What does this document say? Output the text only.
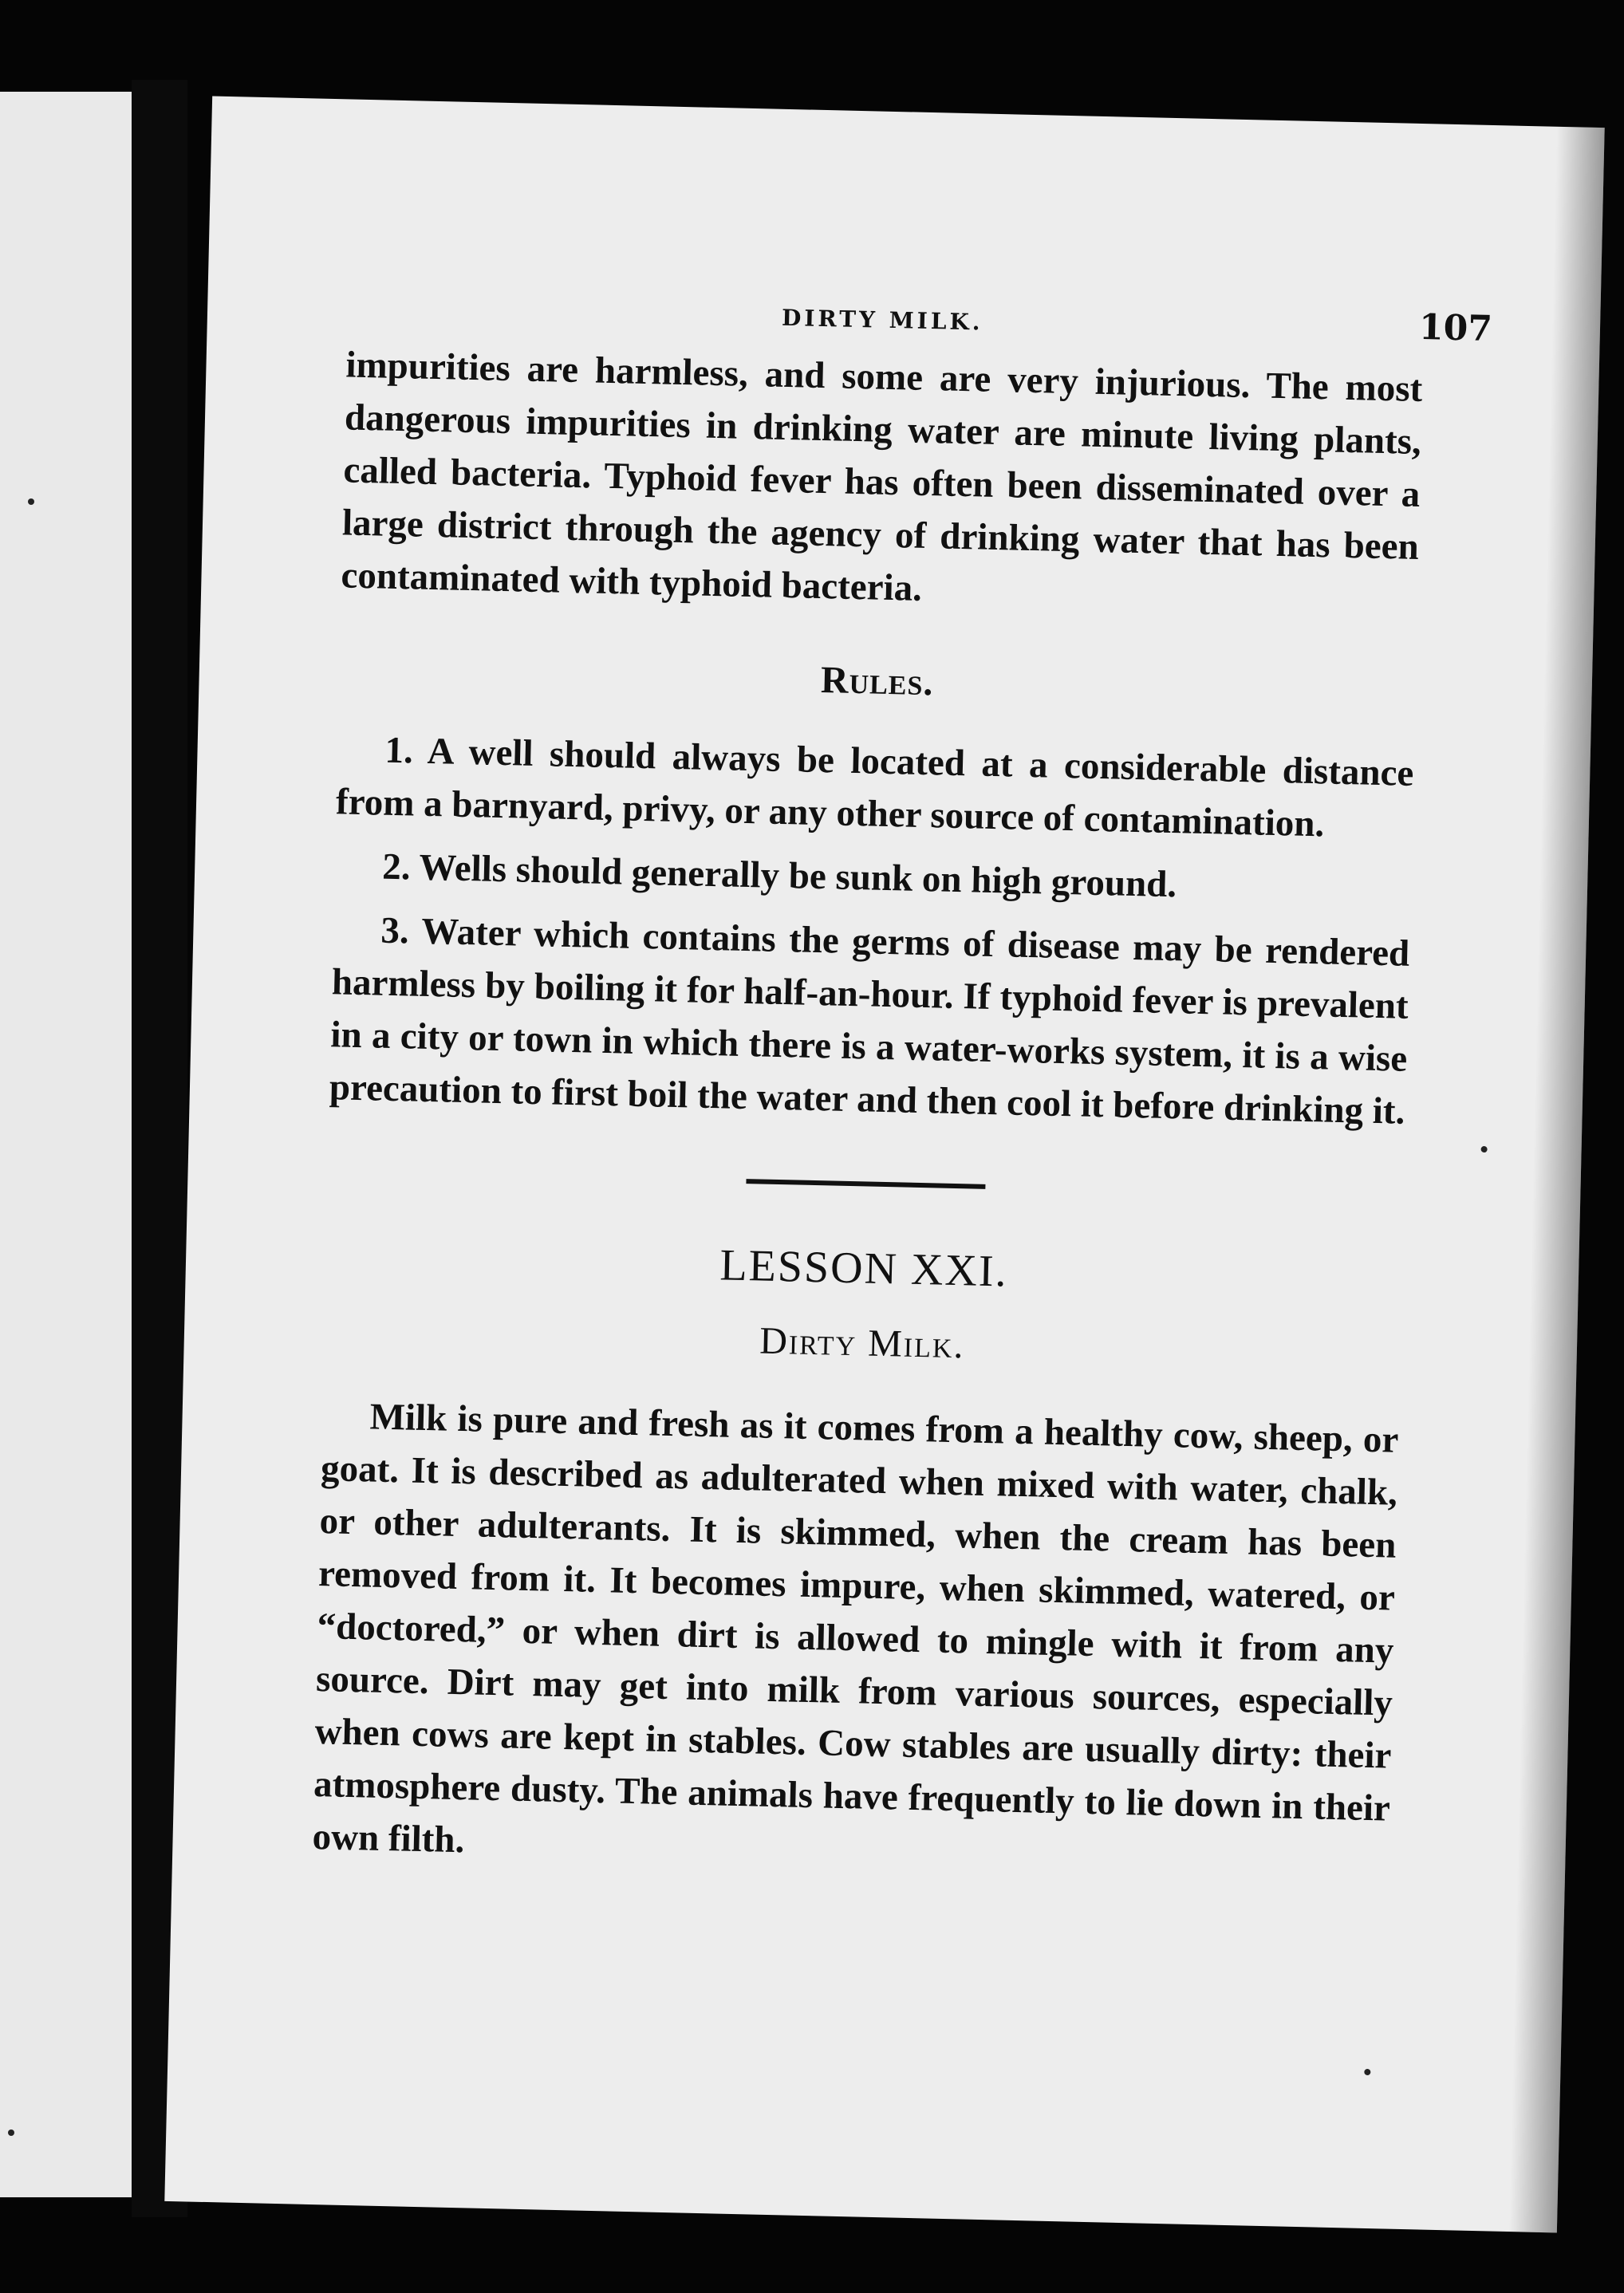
DIRTY MILK.	107

impurities are harmless, and some are very injurious. The most dangerous impurities in drinking water are minute living plants, called bacteria. Typhoid fever has often been disseminated over a large district through the agency of drinking water that has been contaminated with typhoid bacteria.

Rules.

1. A well should always be located at a considerable distance from a barnyard, privy, or any other source of contamination.

2. Wells should generally be sunk on high ground.

3. Water which contains the germs of disease may be rendered harmless by boiling it for half-an-hour. If typhoid fever is prevalent in a city or town in which there is a water-works system, it is a wise precaution to first boil the water and then cool it before drinking it.

LESSON XXI.
Dirty Milk.

Milk is pure and fresh as it comes from a healthy cow, sheep, or goat. It is described as adulterated when mixed with water, chalk, or other adulterants. It is skimmed, when the cream has been removed from it. It becomes impure, when skimmed, watered, or “doctored,” or when dirt is allowed to mingle with it from any source. Dirt may get into milk from various sources, especially when cows are kept in stables. Cow stables are usually dirty: their atmosphere dusty. The animals have frequently to lie down in their own filth.
